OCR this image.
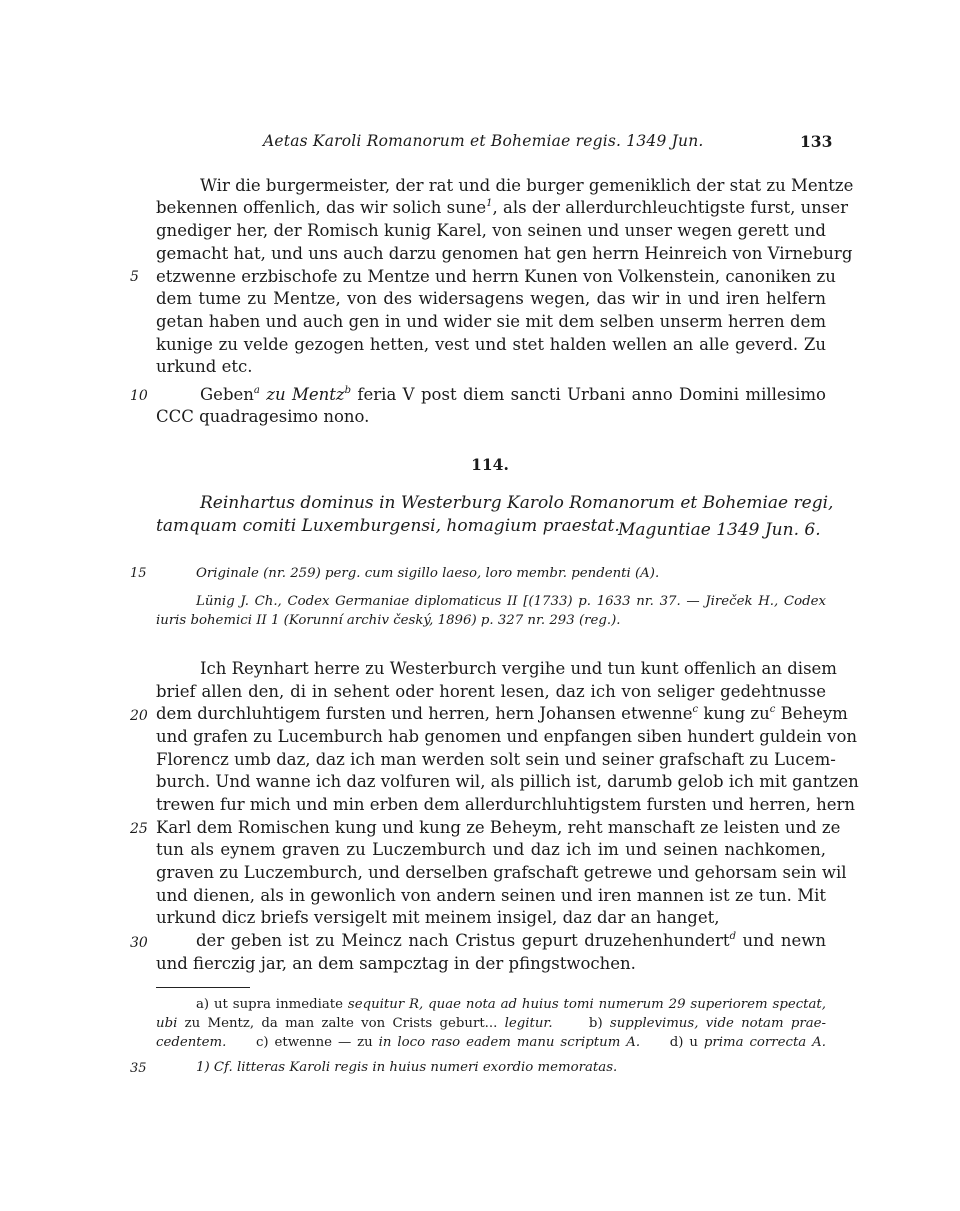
Aetas Karoli Romanorum et Bohemiae regis. 1349 Jun.	133
Wir die burgermeister, der rat und die burger gemeniklich der stat zu Mentze
bekennen offenlich, das wir solich sune$^1$, als der allerdurchleuchtigste furst, unser
gnediger her, der Romisch kunig Karel, von seinen und unser wegen gerett und
gemacht hat, und uns auch darzu genomen hat gen herrn Heinreich von Virneburg
5	etzwenne erzbischofe zu Mentze und herrn Kunen von Volkenstein, canoniken zu
dem tume zu Mentze, von des widersagens wegen, das wir in und iren helfern
getan haben und auch gen in und wider sie mit dem selben unserm herren dem
kunige zu velde gezogen hetten, vest und stet halden wellen an alle geverd. Zu
urkund etc.
10	Geben$^a$ zu Mentz$^b$ feria V post diem sancti Urbani anno Domini millesimo
CCC quadragesimo nono.
114.
Reinhartus dominus in Westerburg Karolo Romanorum et Bohemiae regi,
tamquam comiti Luxemburgensi, homagium praestat.
Maguntiae 1349 Jun. 6.
15	Originale (nr. 259) perg. cum sigillo laeso, loro membr. pendenti (A).
Lünig J. Ch., Codex Germaniae diplomaticus II [(1733) p. 1633 nr. 37. — Jireček H., Codex
iuris bohemici II 1 (Korunní archiv český, 1896) p. 327 nr. 293 (reg.).
Ich Reynhart herre zu Westerburch vergihe und tun kunt offenlich an disem
brief allen den, di in sehent oder horent lesen, daz ich von seliger gedehtnusse
20 dem durchluhtigem fursten und herren, hern Johansen etwenne$^c$ kung $zu^c$ Beheym
und grafen zu Lucemburch hab genomen und enpfangen siben hundert guldein von
Florencz umb daz, daz ich man werden solt sein und seiner grafschaft zu Lucem-
burch. Und wanne ich daz volfuren wil, als pillich ist, darumb gelob ich mit gantzen
trewen fur mich und min erben dem allerdurchluhtigstem fursten und herren, hern
25 Karl dem Romischen kung und kung ze Beheym, reht manschaft ze leisten und ze
tun als eynem graven zu Luczemburch und daz ich im und seinen nachkomen,
graven zu Luczemburch, und derselben grafschaft getrewe und gehorsam sein wil
und dienen, als in gewonlich von andern seinen und iren mannen ist ze tun. Mit
urkund dicz briefs versigelt mit meinem insigel, daz dar an hanget,
30	der geben ist zu Meincz nach Cristus gepurt druzehenhundert$^d$ und newn
und fierczig jar, an dem sampcztag in der pfingstwochen.
a) ut supra inmediate sequitur R, quae nota ad huius tomi numerum 29 superiorem spectat,
ubi zu Mentz, da man zalte von Crists geburt... legitur.     b) supplevimus, vide notam prae-
cedentem.     c) etwenne — zu in loco raso eadem manu scriptum A.     d) u prima correcta A.
35	1) Cf. litteras Karoli regis in huius numeri exordio memoratas.
